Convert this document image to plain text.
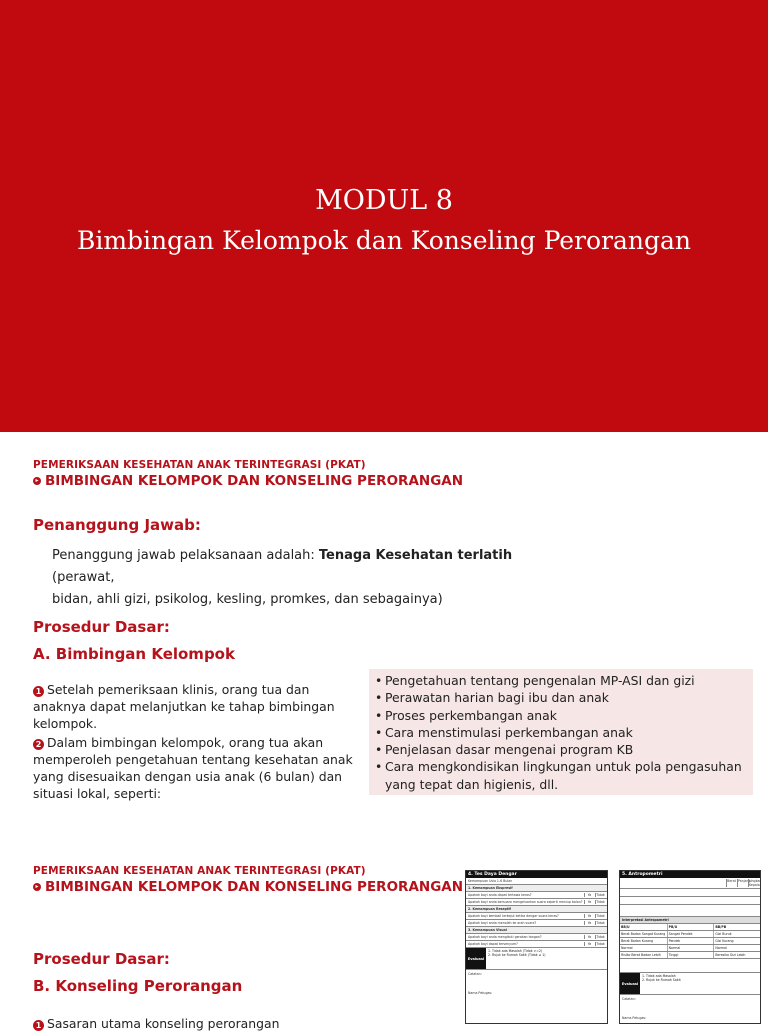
MODUL 8
Bimbingan Kelompok dan Konseling Perorangan
PEMERIKSAAN KESEHATAN ANAK TERINTEGRASI (PKAT)
▸ BIMBINGAN KELOMPOK DAN KONSELING PERORANGAN
Penanggung Jawab:
Penanggung jawab pelaksanaan adalah: Tenaga Kesehatan terlatih (perawat,
bidan, ahli gizi, psikolog, kesling, promkes, dan sebagainya)
Prosedur Dasar:
A. Bimbingan Kelompok
1 Setelah pemeriksaan klinis, orang tua dan anaknya dapat melanjutkan ke tahap bimbingan kelompok.
2 Dalam bimbingan kelompok, orang tua akan memperoleh pengetahuan tentang kesehatan anak yang disesuaikan dengan usia anak (6 bulan) dan situasi lokal, seperti:
• Pengetahuan tentang pengenalan MP-ASI dan gizi
• Perawatan harian bagi ibu dan anak
• Proses perkembangan anak
• Cara menstimulasi perkembangan anak
• Penjelasan dasar mengenai program KB
• Cara mengkondisikan lingkungan untuk pola pengasuhan yang tepat dan higienis, dll.
PEMERIKSAAN KESEHATAN ANAK TERINTEGRASI (PKAT)
▸ BIMBINGAN KELOMPOK DAN KONSELING PERORANGAN
Prosedur Dasar:
B. Konseling Perorangan
1 Sasaran utama konseling perorangan
4. Tes Daya Dengar
Kemampuan Usia 1-6 Bulan
1. Kemampuan Ekspresif
Apakah bayi anda dapat tertawa keras?	Ya	Tidak
Apakah bayi anda bersuara mengeluarkan suara seperti meniup balon?	Ya	Tidak
2. Kemampuan Reseptif
Apakah bayi kembali terkejut ketika dengar suara keras?	Ya	Tidak
Apakah bayi anda menoleh ke arah suara?	Ya	Tidak
3. Kemampuan Visual
Apakah bayi anda mengikuti gerakan tangan?	Ya	Tidak
Apakah bayi dapat tersenyum?	Ya	Tidak
Evaluasi
1. Tidak ada Masalah (Tidak >=2)
2. Rujuk ke Rumah Sakit (Tidak ≥ 1)
Catatan:
Nama Petugas:
5. Antropometri
Berat Panjang
Lingkar Kepala
Interpretasi Antropometri
BB/U	PB/U	BB/PB
Berat Badan Sangat Kurang	Sangat Pendek	Gizi Buruk
Berat Badan Kurang	Pendek	Gizi Kurang
Normal	Normal	Normal
Risiko Berat Badan Lebih	Tinggi	Beresiko Gizi Lebih
Evaluasi
1. Tidak ada Masalah
2. Rujuk ke Rumah Sakit
Catatan:
Nama Petugas:
